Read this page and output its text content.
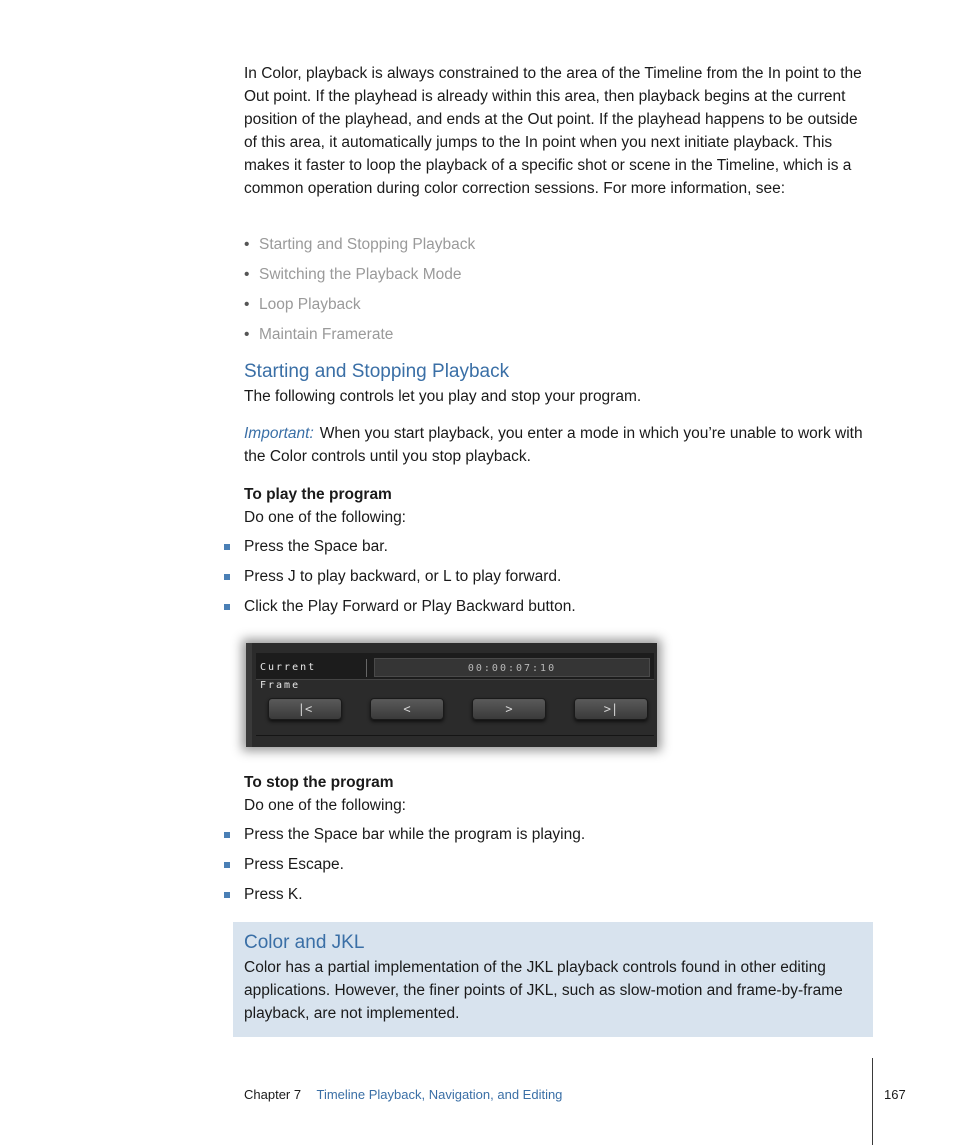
In Color, playback is always constrained to the area of the Timeline from the In point to the Out point. If the playhead is already within this area, then playback begins at the current position of the playhead, and ends at the Out point. If the playhead happens to be outside of this area, it automatically jumps to the In point when you next initiate playback. This makes it faster to loop the playback of a specific shot or scene in the Timeline, which is a common operation during color correction sessions. For more information, see:

• Starting and Stopping Playback
• Switching the Playback Mode
• Loop Playback
• Maintain Framerate
Starting and Stopping Playback

The following controls let you play and stop your program.

Important: When you start playback, you enter a mode in which you’re unable to work with the Color controls until you stop playback.

To play the program

Do one of the following:

Press the Space bar.
Press J to play backward, or L to play forward.
Click the Play Forward or Play Backward button.
Current Frame
00:00:07:10
|<	<	>	>|

To stop the program

Do one of the following:

Press the Space bar while the program is playing.
Press Escape.
Press K.
Color and JKL

Color has a partial implementation of the JKL playback controls found in other editing applications. However, the finer points of JKL, such as slow-motion and frame-by-frame playback, are not implemented.

Chapter 7 Timeline Playback, Navigation, and Editing	167
